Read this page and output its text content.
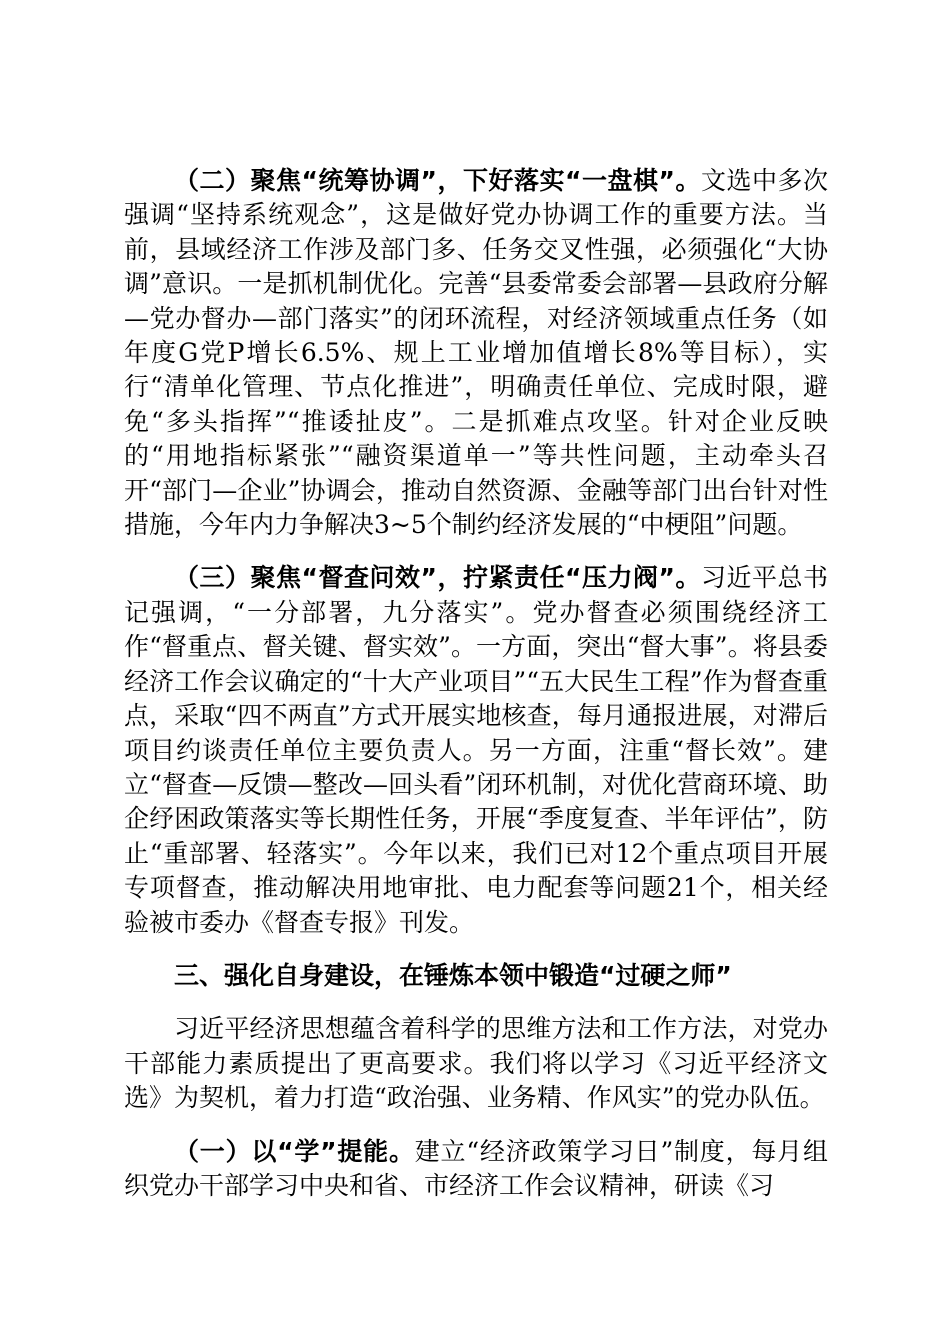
（二）聚焦“统筹协调”，下好落实“一盘棋”。文选中多次强调“坚持系统观念”，这是做好党办协调工作的重要方法。当前，县域经济工作涉及部门多、任务交叉性强，必须强化“大协调”意识。一是抓机制优化。完善“县委常委会部署—县政府分解—党办督办—部门落实”的闭环流程，对经济领域重点任务（如年度G党P增长6.5%、规上工业增加值增长8%等目标），实行“清单化管理、节点化推进”，明确责任单位、完成时限，避免“多头指挥”“推诿扯皮”。二是抓难点攻坚。针对企业反映的“用地指标紧张”“融资渠道单一”等共性问题，主动牵头召开“部门—企业”协调会，推动自然资源、金融等部门出台针对性措施，今年内力争解决3~5个制约经济发展的“中梗阻”问题。

（三）聚焦“督查问效”，拧紧责任“压力阀”。习近平总书记强调，“一分部署，九分落实”。党办督查必须围绕经济工作“督重点、督关键、督实效”。一方面，突出“督大事”。将县委经济工作会议确定的“十大产业项目”“五大民生工程”作为督查重点，采取“四不两直”方式开展实地核查，每月通报进展，对滞后项目约谈责任单位主要负责人。另一方面，注重“督长效”。建立“督查—反馈—整改—回头看”闭环机制，对优化营商环境、助企纾困政策落实等长期性任务，开展“季度复查、半年评估”，防止“重部署、轻落实”。今年以来，我们已对12个重点项目开展专项督查，推动解决用地审批、电力配套等问题21个，相关经验被市委办《督查专报》刊发。

三、强化自身建设，在锤炼本领中锻造“过硬之师”

习近平经济思想蕴含着科学的思维方法和工作方法，对党办干部能力素质提出了更高要求。我们将以学习《习近平经济文选》为契机，着力打造“政治强、业务精、作风实”的党办队伍。

（一）以“学”提能。建立“经济政策学习日”制度，每月组织党办干部学习中央和省、市经济工作会议精神，研读《习
